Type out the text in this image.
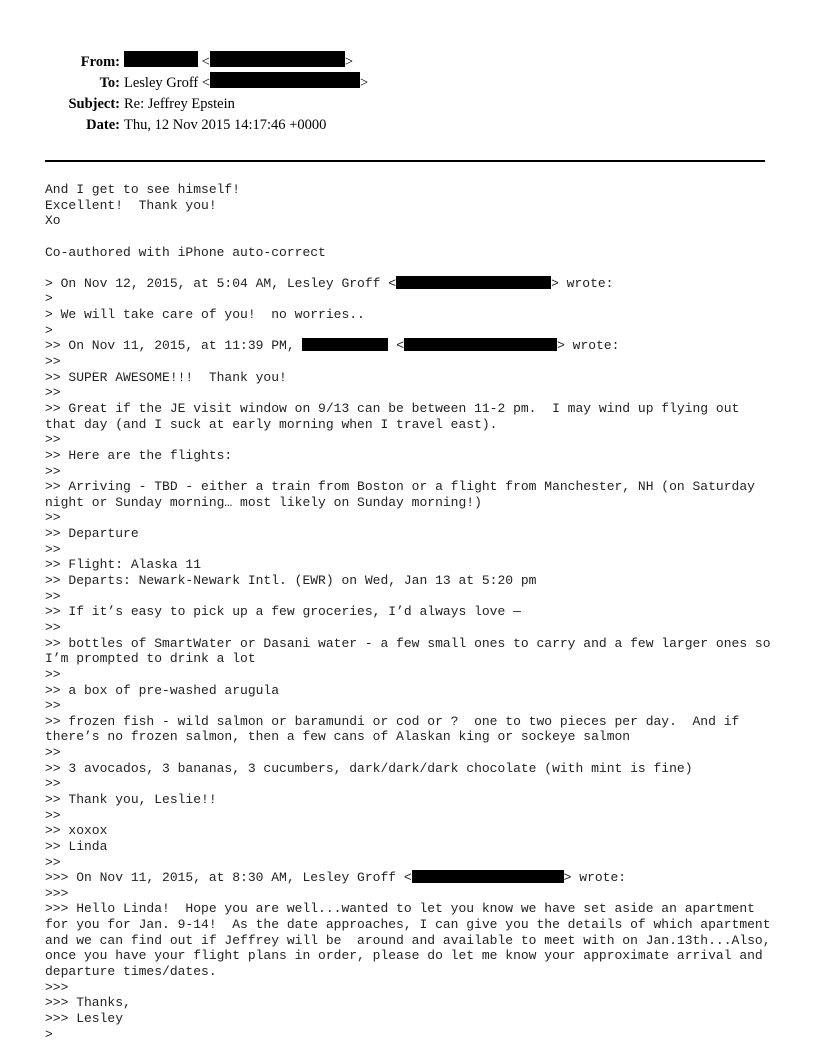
From:	<	>
To: Lesley Groff <	>
Subject: Re: Jeffrey Epstein
Date: Thu, 12 Nov 2015 14:17:46 +0000
And I get to see himself!
Excellent!  Thank you!
Xo
Co-authored with iPhone auto-correct
> On Nov 12, 2015, at 5:04 AM, Lesley Groff <	> wrote:
>
> We will take care of you!  no worries..
>
>> On Nov 11, 2015, at 11:39 PM,	<	> wrote:
>>
>> SUPER AWESOME!!!  Thank you!
>>
>> Great if the JE visit window on 9/13 can be between 11-2 pm.  I may wind up flying out
that day (and I suck at early morning when I travel east).
>>
>> Here are the flights:
>>
>> Arriving - TBD - either a train from Boston or a flight from Manchester, NH (on Saturday
night or Sunday morning… most likely on Sunday morning!)
>>
>> Departure
>>
>> Flight: Alaska 11
>> Departs: Newark-Newark Intl. (EWR) on Wed, Jan 13 at 5:20 pm
>>
>> If it’s easy to pick up a few groceries, I’d always love —
>>
>> bottles of SmartWater or Dasani water - a few small ones to carry and a few larger ones so
I’m prompted to drink a lot
>>
>> a box of pre-washed arugula
>>
>> frozen fish - wild salmon or baramundi or cod or ?  one to two pieces per day.  And if
there’s no frozen salmon, then a few cans of Alaskan king or sockeye salmon
>>
>> 3 avocados, 3 bananas, 3 cucumbers, dark/dark/dark chocolate (with mint is fine)
>>
>> Thank you, Leslie!!
>>
>> xoxox
>> Linda
>>
>>> On Nov 11, 2015, at 8:30 AM, Lesley Groff <	> wrote:
>>>
>>> Hello Linda!  Hope you are well...wanted to let you know we have set aside an apartment
for you for Jan. 9-14!  As the date approaches, I can give you the details of which apartment
and we can find out if Jeffrey will be  around and available to meet with on Jan.13th...Also,
once you have your flight plans in order, please do let me know your approximate arrival and
departure times/dates.
>>>
>>> Thanks,
>>> Lesley
>
